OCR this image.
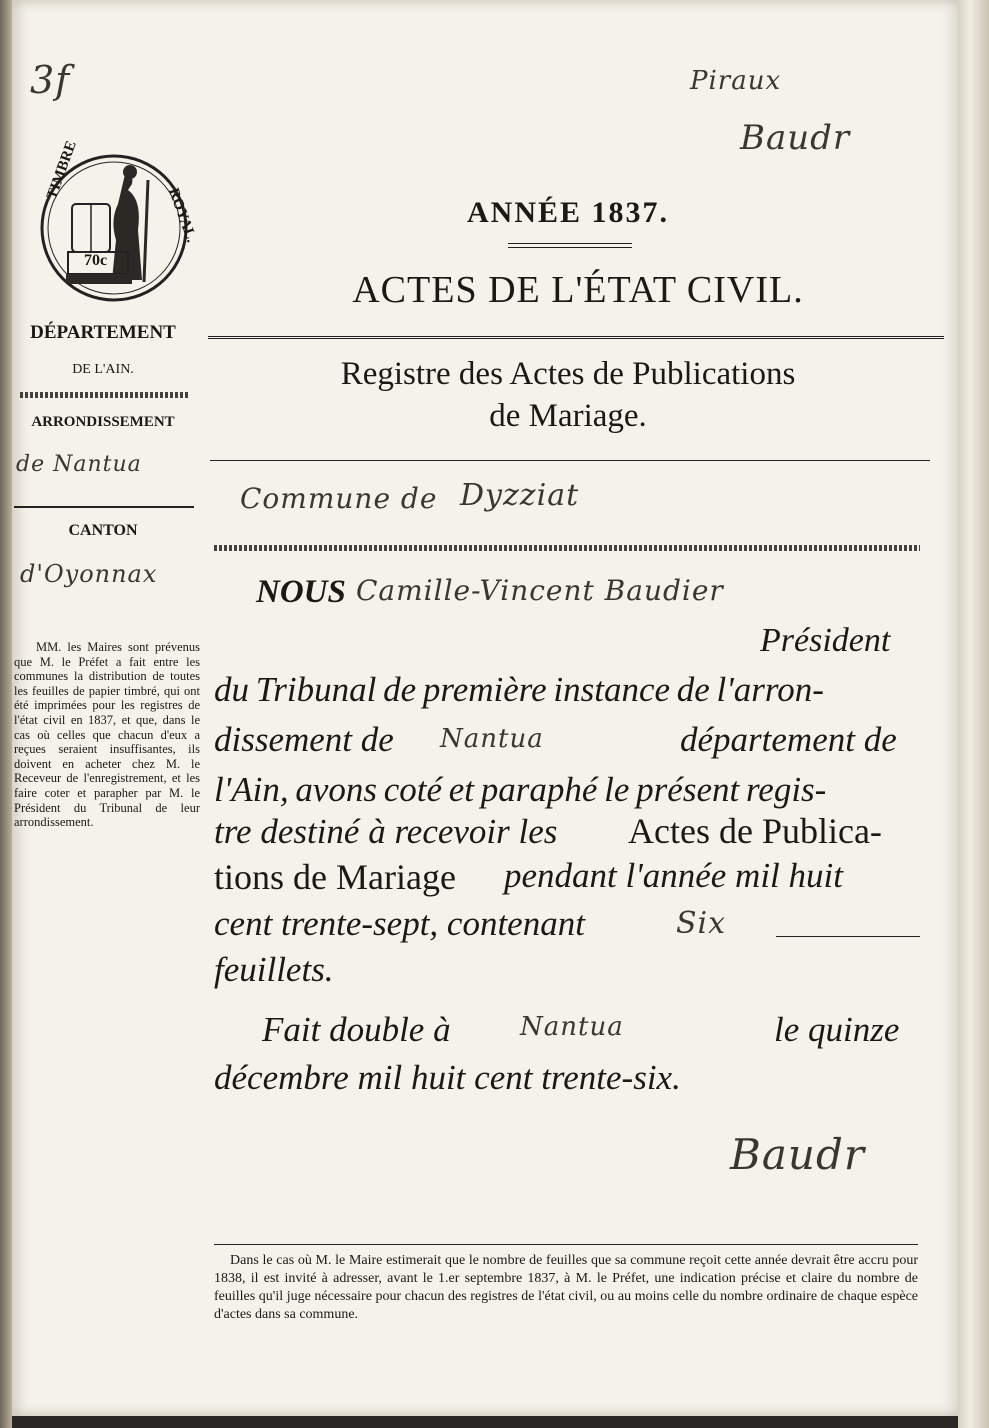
3f	Piraux
Baudr
TIMBRE
ROYAL.
70c
DÉPARTEMENT
DE L'AIN.
ARRONDISSEMENT
de Nantua
CANTON
d'Oyonnax
MM. les Maires sont prévenus que M. le Préfet a fait entre les communes la distribution de toutes les feuilles de papier timbré, qui ont été imprimées pour les registres de l'état civil en 1837, et que, dans le cas où celles que chacun d'eux a reçues seraient insuffisantes, ils doivent en acheter chez M. le Receveur de l'enregistrement, et les faire coter et parapher par M. le Président du Tribunal de leur arrondissement.
ANNÉE 1837.
ACTES DE L'ÉTAT CIVIL.
Registre des Actes de Publications
de Mariage.
Commune de Dyzziat
NOUS Camille-Vincent Baudier
Président
du Tribunal de première instance de l'arron-
dissement de Nantua	département de
l'Ain, avons coté et paraphé le présent regis-
tre destiné à recevoir les Actes de Publica-
tions de Mariage pendant l'année mil huit
cent trente-sept, contenant	Six
feuillets.
Fait double à	Nantua	le quinze
décembre mil huit cent trente-six.
Baudr
Dans le cas où M. le Maire estimerait que le nombre de feuilles que sa commune reçoit cette année devrait être accru pour 1838, il est invité à adresser, avant le 1.er septembre 1837, à M. le Préfet, une indication précise et claire du nombre de feuilles qu'il juge nécessaire pour chacun des registres de l'état civil, ou au moins celle du nombre ordinaire de chaque espèce d'actes dans sa commune.
